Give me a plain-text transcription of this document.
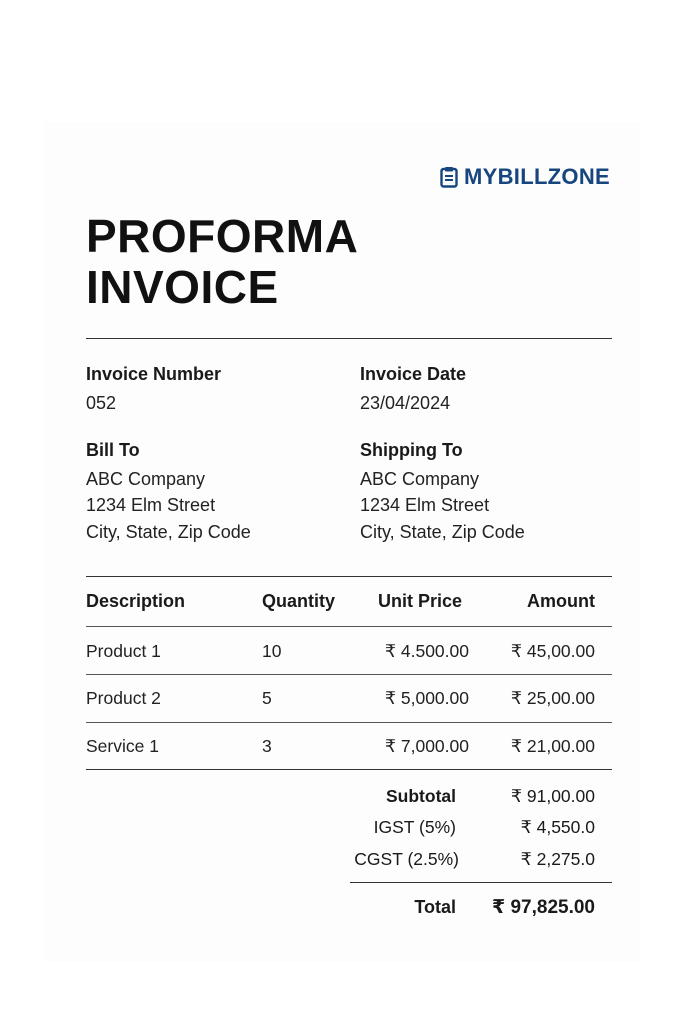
MYBILLZONE
PROFORMA
INVOICE
Invoice Number
052
Invoice Date
23/04/2024
Bill To
ABC Company
1234 Elm Street
City, State, Zip Code
Shipping To
ABC Company
1234 Elm Street
City, State, Zip Code
Description	Quantity	Unit Price	Amount
Product 1	10	₹ 4.500.00	₹ 45,00.00
Product 2	5	₹ 5,000.00	₹ 25,00.00
Service 1	3	₹ 7,000.00	₹ 21,00.00
Subtotal	₹ 91,00.00
IGST (5%)	₹ 4,550.0
CGST (2.5%)	₹ 2,275.0
Total	₹ 97,825.00
